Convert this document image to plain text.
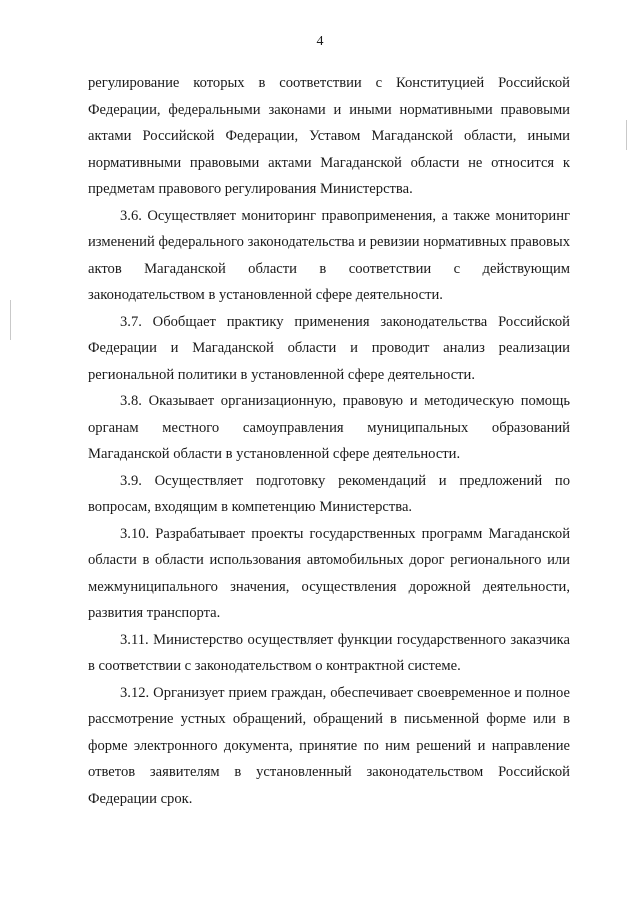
4

регулирование которых в соответствии с Конституцией Российской Федерации, федеральными законами и иными нормативными правовыми актами Российской Федерации, Уставом Магаданской области, иными нормативными правовыми актами Магаданской области не относится к предметам правового регулирования Министерства.

3.6. Осуществляет мониторинг правоприменения, а также мониторинг изменений федерального законодательства и ревизии нормативных правовых актов Магаданской области в соответствии с действующим законодательством в установленной сфере деятельности.

3.7. Обобщает практику применения законодательства Российской Федерации и Магаданской области и проводит анализ реализации региональной политики в установленной сфере деятельности.

3.8. Оказывает организационную, правовую и методическую помощь органам местного самоуправления муниципальных образований Магаданской области в установленной сфере деятельности.

3.9. Осуществляет подготовку рекомендаций и предложений по вопросам, входящим в компетенцию Министерства.

3.10. Разрабатывает проекты государственных программ Магаданской области в области использования автомобильных дорог регионального или межмуниципального значения, осуществления дорожной деятельности, развития транспорта.

3.11. Министерство осуществляет функции государственного заказчика в соответствии с законодательством о контрактной системе.

3.12. Организует прием граждан, обеспечивает своевременное и полное рассмотрение устных обращений, обращений в письменной форме или в форме электронного документа, принятие по ним решений и направление ответов заявителям в установленный законодательством Российской Федерации срок.
